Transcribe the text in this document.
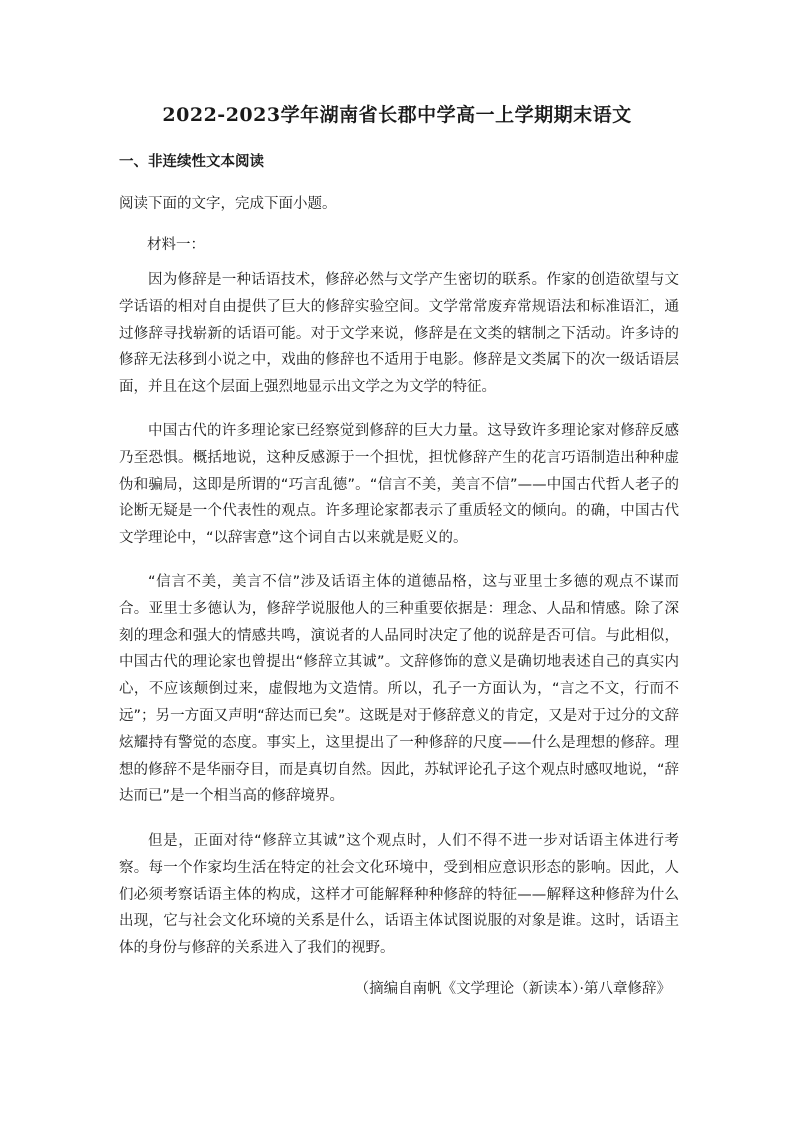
2022-2023学年湖南省长郡中学高一上学期期末语文
一、非连续性文本阅读
阅读下面的文字，完成下面小题。
材料一：

因为修辞是一种话语技术，修辞必然与文学产生密切的联系。作家的创造欲望与文学话语的相对自由提供了巨大的修辞实验空间。文学常常废弃常规语法和标准语汇，通过修辞寻找崭新的话语可能。对于文学来说，修辞是在文类的辖制之下活动。许多诗的修辞无法移到小说之中，戏曲的修辞也不适用于电影。修辞是文类属下的次一级话语层面，并且在这个层面上强烈地显示出文学之为文学的特征。

中国古代的许多理论家已经察觉到修辞的巨大力量。这导致许多理论家对修辞反感乃至恐惧。概括地说，这种反感源于一个担忧，担忧修辞产生的花言巧语制造出种种虚伪和骗局，这即是所谓的“巧言乱德”。“信言不美，美言不信”——中国古代哲人老子的论断无疑是一个代表性的观点。许多理论家都表示了重质轻文的倾向。的确，中国古代文学理论中，“以辞害意”这个词自古以来就是贬义的。

“信言不美，美言不信”涉及话语主体的道德品格，这与亚里士多德的观点不谋而合。亚里士多德认为，修辞学说服他人的三种重要依据是：理念、人品和情感。除了深刻的理念和强大的情感共鸣，演说者的人品同时决定了他的说辞是否可信。与此相似，中国古代的理论家也曾提出“修辞立其诚”。文辞修饰的意义是确切地表述自己的真实内心，不应该颠倒过来，虚假地为文造情。所以，孔子一方面认为，“言之不文，行而不远”；另一方面又声明“辞达而已矣”。这既是对于修辞意义的肯定，又是对于过分的文辞炫耀持有警觉的态度。事实上，这里提出了一种修辞的尺度——什么是理想的修辞。理想的修辞不是华丽夺目，而是真切自然。因此，苏轼评论孔子这个观点时感叹地说，“辞达而已”是一个相当高的修辞境界。

但是，正面对待“修辞立其诚”这个观点时，人们不得不进一步对话语主体进行考察。每一个作家均生活在特定的社会文化环境中，受到相应意识形态的影响。因此，人们必须考察话语主体的构成，这样才可能解释种种修辞的特征——解释这种修辞为什么出现，它与社会文化环境的关系是什么，话语主体试图说服的对象是谁。这时，话语主体的身份与修辞的关系进入了我们的视野。

（摘编自南帆《文学理论（新读本）·第八章修辞》
